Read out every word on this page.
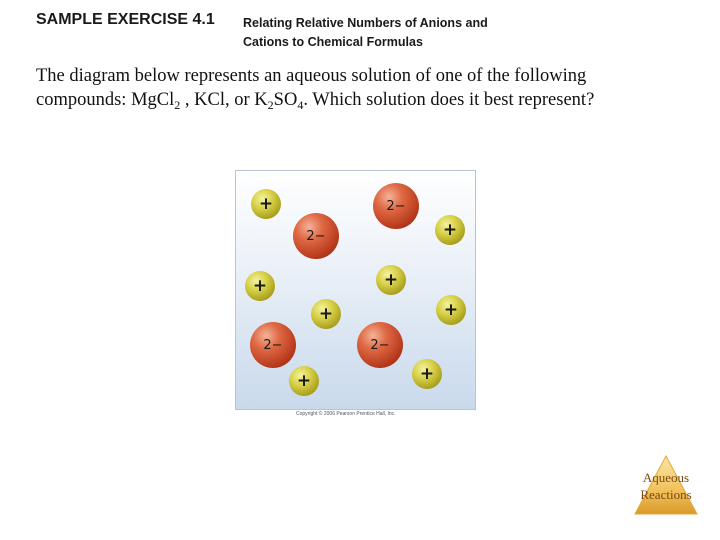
SAMPLE EXERCISE 4.1 Relating Relative Numbers of Anions and
Cations to Chemical Formulas
The diagram below represents an aqueous solution of one of the following
compounds: MgCl$_2$ , KCl, or $K_2SO_4$. Which solution does it best represent?
+	2−
2−	+
+	+
+	+
2−	2−
+	+
Copyright © 2006 Pearson Prentice Hall, Inc.
Aqueous
Reactions
